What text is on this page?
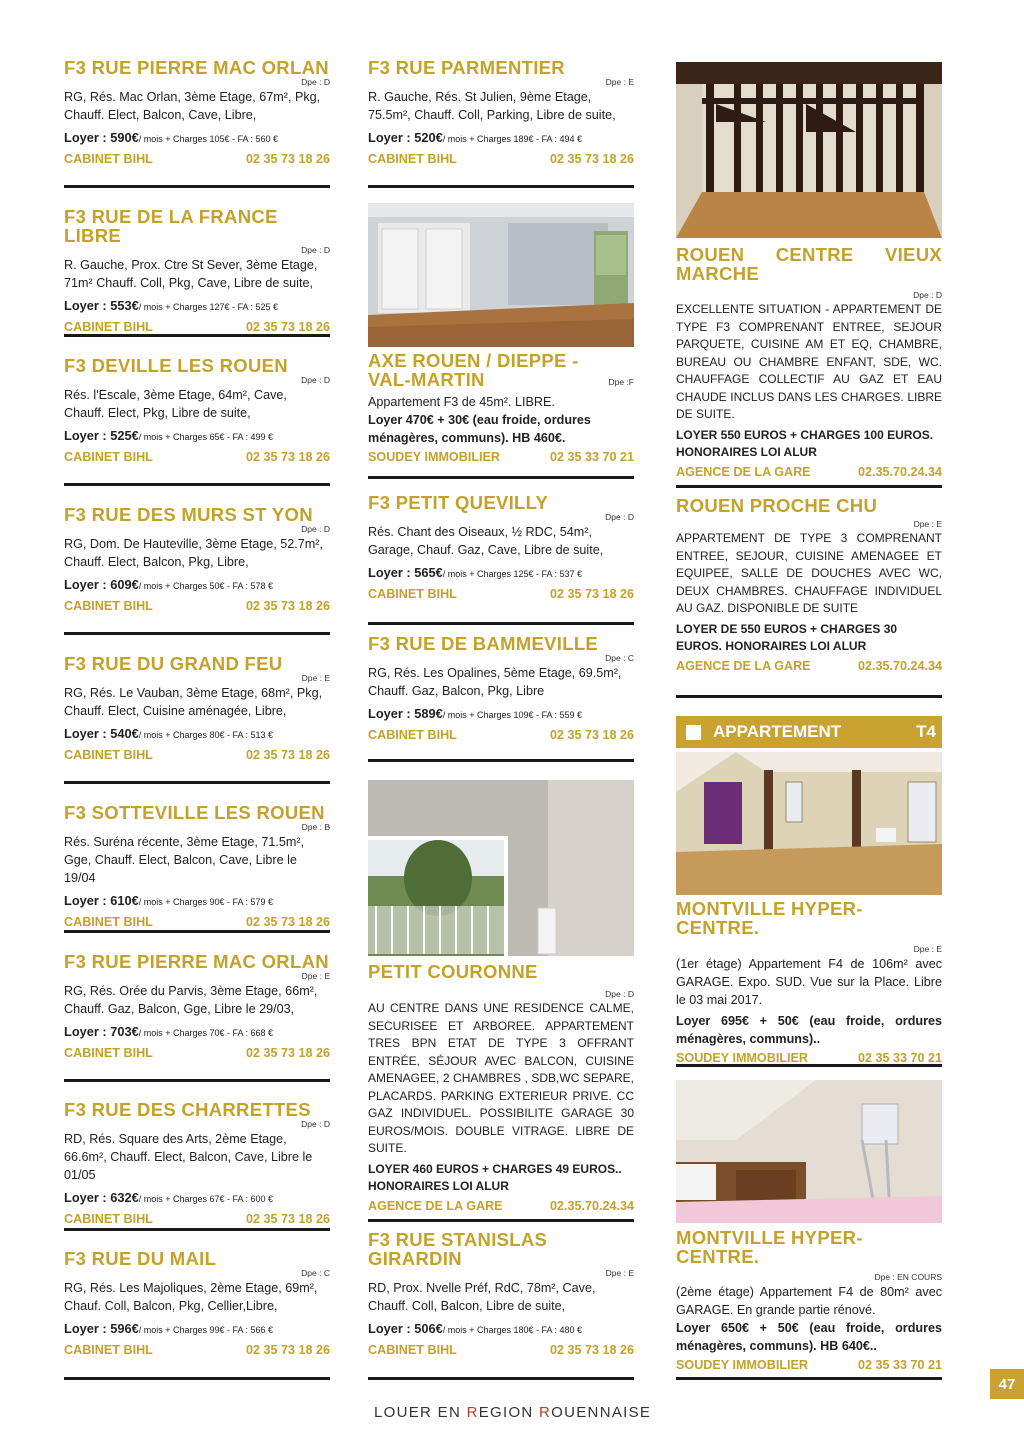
F3 RUE PIERRE MAC ORLAN
Dpe : D
RG, Rés. Mac Orlan, 3ème Etage, 67m², Pkg, Chauff. Elect, Balcon, Cave, Libre,
Loyer : 590€/ mois + Charges 105€ - FA : 560 €
CABINET BIHL	02 35 73 18 26
F3 RUE DE LA FRANCE LIBRE
Dpe : D
R. Gauche, Prox. Ctre St Sever, 3ème Etage, 71m² Chauff. Coll, Pkg, Cave, Libre de suite,
Loyer : 553€/ mois + Charges 127€ - FA : 525 €
CABINET BIHL	02 35 73 18 26
F3 DEVILLE LES ROUEN
Dpe : D
Rés. l'Escale, 3ème Etage, 64m², Cave, Chauff. Elect, Pkg, Libre de suite,
Loyer : 525€/ mois + Charges 65€ - FA : 499 €
CABINET BIHL	02 35 73 18 26
F3 RUE DES MURS ST YON
Dpe : D
RG, Dom. De Hauteville, 3ème Etage, 52.7m², Chauff. Elect, Balcon, Pkg, Libre,
Loyer : 609€/ mois + Charges 50€ - FA : 578 €
CABINET BIHL	02 35 73 18 26
F3 RUE DU GRAND FEU
Dpe : E
RG, Rés. Le Vauban, 3ème Etage, 68m², Pkg, Chauff. Elect, Cuisine aménagée, Libre,
Loyer : 540€/ mois + Charges 80€ - FA : 513 €
CABINET BIHL	02 35 73 18 26
F3 SOTTEVILLE LES ROUEN
Dpe : B
Rés. Suréna récente, 3ème Etage, 71.5m², Gge, Chauff. Elect, Balcon, Cave, Libre le 19/04
Loyer : 610€/ mois + Charges 90€ - FA : 579 €
CABINET BIHL	02 35 73 18 26
F3 RUE PIERRE MAC ORLAN
Dpe : E
RG, Rés. Orée du Parvis, 3ème Etage, 66m², Chauff. Gaz, Balcon, Gge, Libre le 29/03,
Loyer : 703€/ mois + Charges 70€ - FA : 668 €
CABINET BIHL	02 35 73 18 26
F3 RUE DES CHARRETTES
Dpe : D
RD, Rés. Square des Arts, 2ème Etage, 66.6m², Chauff. Elect, Balcon, Cave, Libre le 01/05
Loyer : 632€/ mois + Charges 67€ - FA : 600 €
CABINET BIHL	02 35 73 18 26
F3 RUE DU MAIL
Dpe : C
RG, Rés. Les Majoliques, 2ème Etage, 69m², Chauf. Coll, Balcon, Pkg, Cellier,Libre,
Loyer : 596€/ mois + Charges 99€ - FA : 566 €
CABINET BIHL	02 35 73 18 26
F3 RUE PARMENTIER
Dpe : E
R. Gauche, Rés. St Julien, 9ème Etage, 75.5m², Chauff. Coll, Parking, Libre de suite,
Loyer : 520€/ mois + Charges 189€ - FA : 494 €
CABINET BIHL	02 35 73 18 26
AXE ROUEN / DIEPPE - VAL-MARTIN	Dpe :F
Appartement F3 de 45m². LIBRE.
Loyer 470€ + 30€ (eau froide, ordures ménagères, communs). HB 460€.
SOUDEY IMMOBILIER	02 35 33 70 21
F3 PETIT QUEVILLY
Dpe : D
Rés. Chant des Oiseaux, ½ RDC, 54m², Garage, Chauf. Gaz, Cave, Libre de suite,
Loyer : 565€/ mois + Charges 125€ - FA : 537 €
CABINET BIHL	02 35 73 18 26
F3 RUE DE BAMMEVILLE
Dpe : C
RG, Rés. Les Opalines, 5ème Etage, 69.5m², Chauff. Gaz, Balcon, Pkg, Libre
Loyer : 589€/ mois + Charges 109€ - FA : 559 €
CABINET BIHL	02 35 73 18 26
PETIT COURONNE
Dpe : D
AU CENTRE DANS UNE RESIDENCE CALME, SECURISEE ET ARBOREE. APPARTEMENT TRES BPN ETAT DE TYPE 3 OFFRANT ENTRÉE, SÉJOUR AVEC BALCON, CUISINE AMENAGEE, 2 CHAMBRES , SDB,WC SEPARE, PLACARDS. PARKING EXTERIEUR PRIVE. CC GAZ INDIVIDUEL. POSSIBILITE GARAGE 30 EUROS/MOIS. DOUBLE VITRAGE. LIBRE DE SUITE.
LOYER 460 EUROS + CHARGES 49 EUROS.. HONORAIRES LOI ALUR
AGENCE DE LA GARE	02.35.70.24.34
F3 RUE STANISLAS GIRARDIN
Dpe : E
RD, Prox. Nvelle Préf, RdC, 78m², Cave, Chauff. Coll, Balcon, Libre de suite,
Loyer : 506€/ mois + Charges 180€ - FA : 480 €
CABINET BIHL	02 35 73 18 26
ROUEN CENTRE VIEUX MARCHE
Dpe : D
EXCELLENTE SITUATION - APPARTEMENT DE TYPE F3 COMPRENANT ENTREE, SEJOUR PARQUETE, CUISINE AM ET EQ, CHAMBRE, BUREAU OU CHAMBRE ENFANT, SDE, WC. CHAUFFAGE COLLECTIF AU GAZ ET EAU CHAUDE INCLUS DANS LES CHARGES. LIBRE DE SUITE.
LOYER 550 EUROS + CHARGES 100 EUROS. HONORAIRES LOI ALUR
AGENCE DE LA GARE	02.35.70.24.34
ROUEN PROCHE CHU
Dpe : E
APPARTEMENT DE TYPE 3 COMPRENANT ENTREE, SEJOUR, CUISINE AMENAGEE ET EQUIPEE, SALLE DE DOUCHES AVEC WC, DEUX CHAMBRES. CHAUFFAGE INDIVIDUEL AU GAZ. DISPONIBLE DE SUITE
LOYER DE 550 EUROS + CHARGES 30 EUROS. HONORAIRES LOI ALUR
AGENCE DE LA GARE	02.35.70.24.34
APPARTEMENT	T4
MONTVILLE HYPER-CENTRE.
Dpe : E
(1er étage) Appartement F4 de 106m² avec GARAGE. Expo. SUD. Vue sur la Place. Libre le 03 mai 2017.
Loyer 695€ + 50€ (eau froide, ordures ménagères, communs)..
SOUDEY IMMOBILIER	02 35 33 70 21
MONTVILLE HYPER-CENTRE.
Dpe : EN COURS
(2ème étage) Appartement F4 de 80m² avec GARAGE. En grande partie rénové.
Loyer 650€ + 50€ (eau froide, ordures ménagères, communs). HB 640€..
SOUDEY IMMOBILIER	02 35 33 70 21
LOUER EN REGION ROUENNAISE
47
